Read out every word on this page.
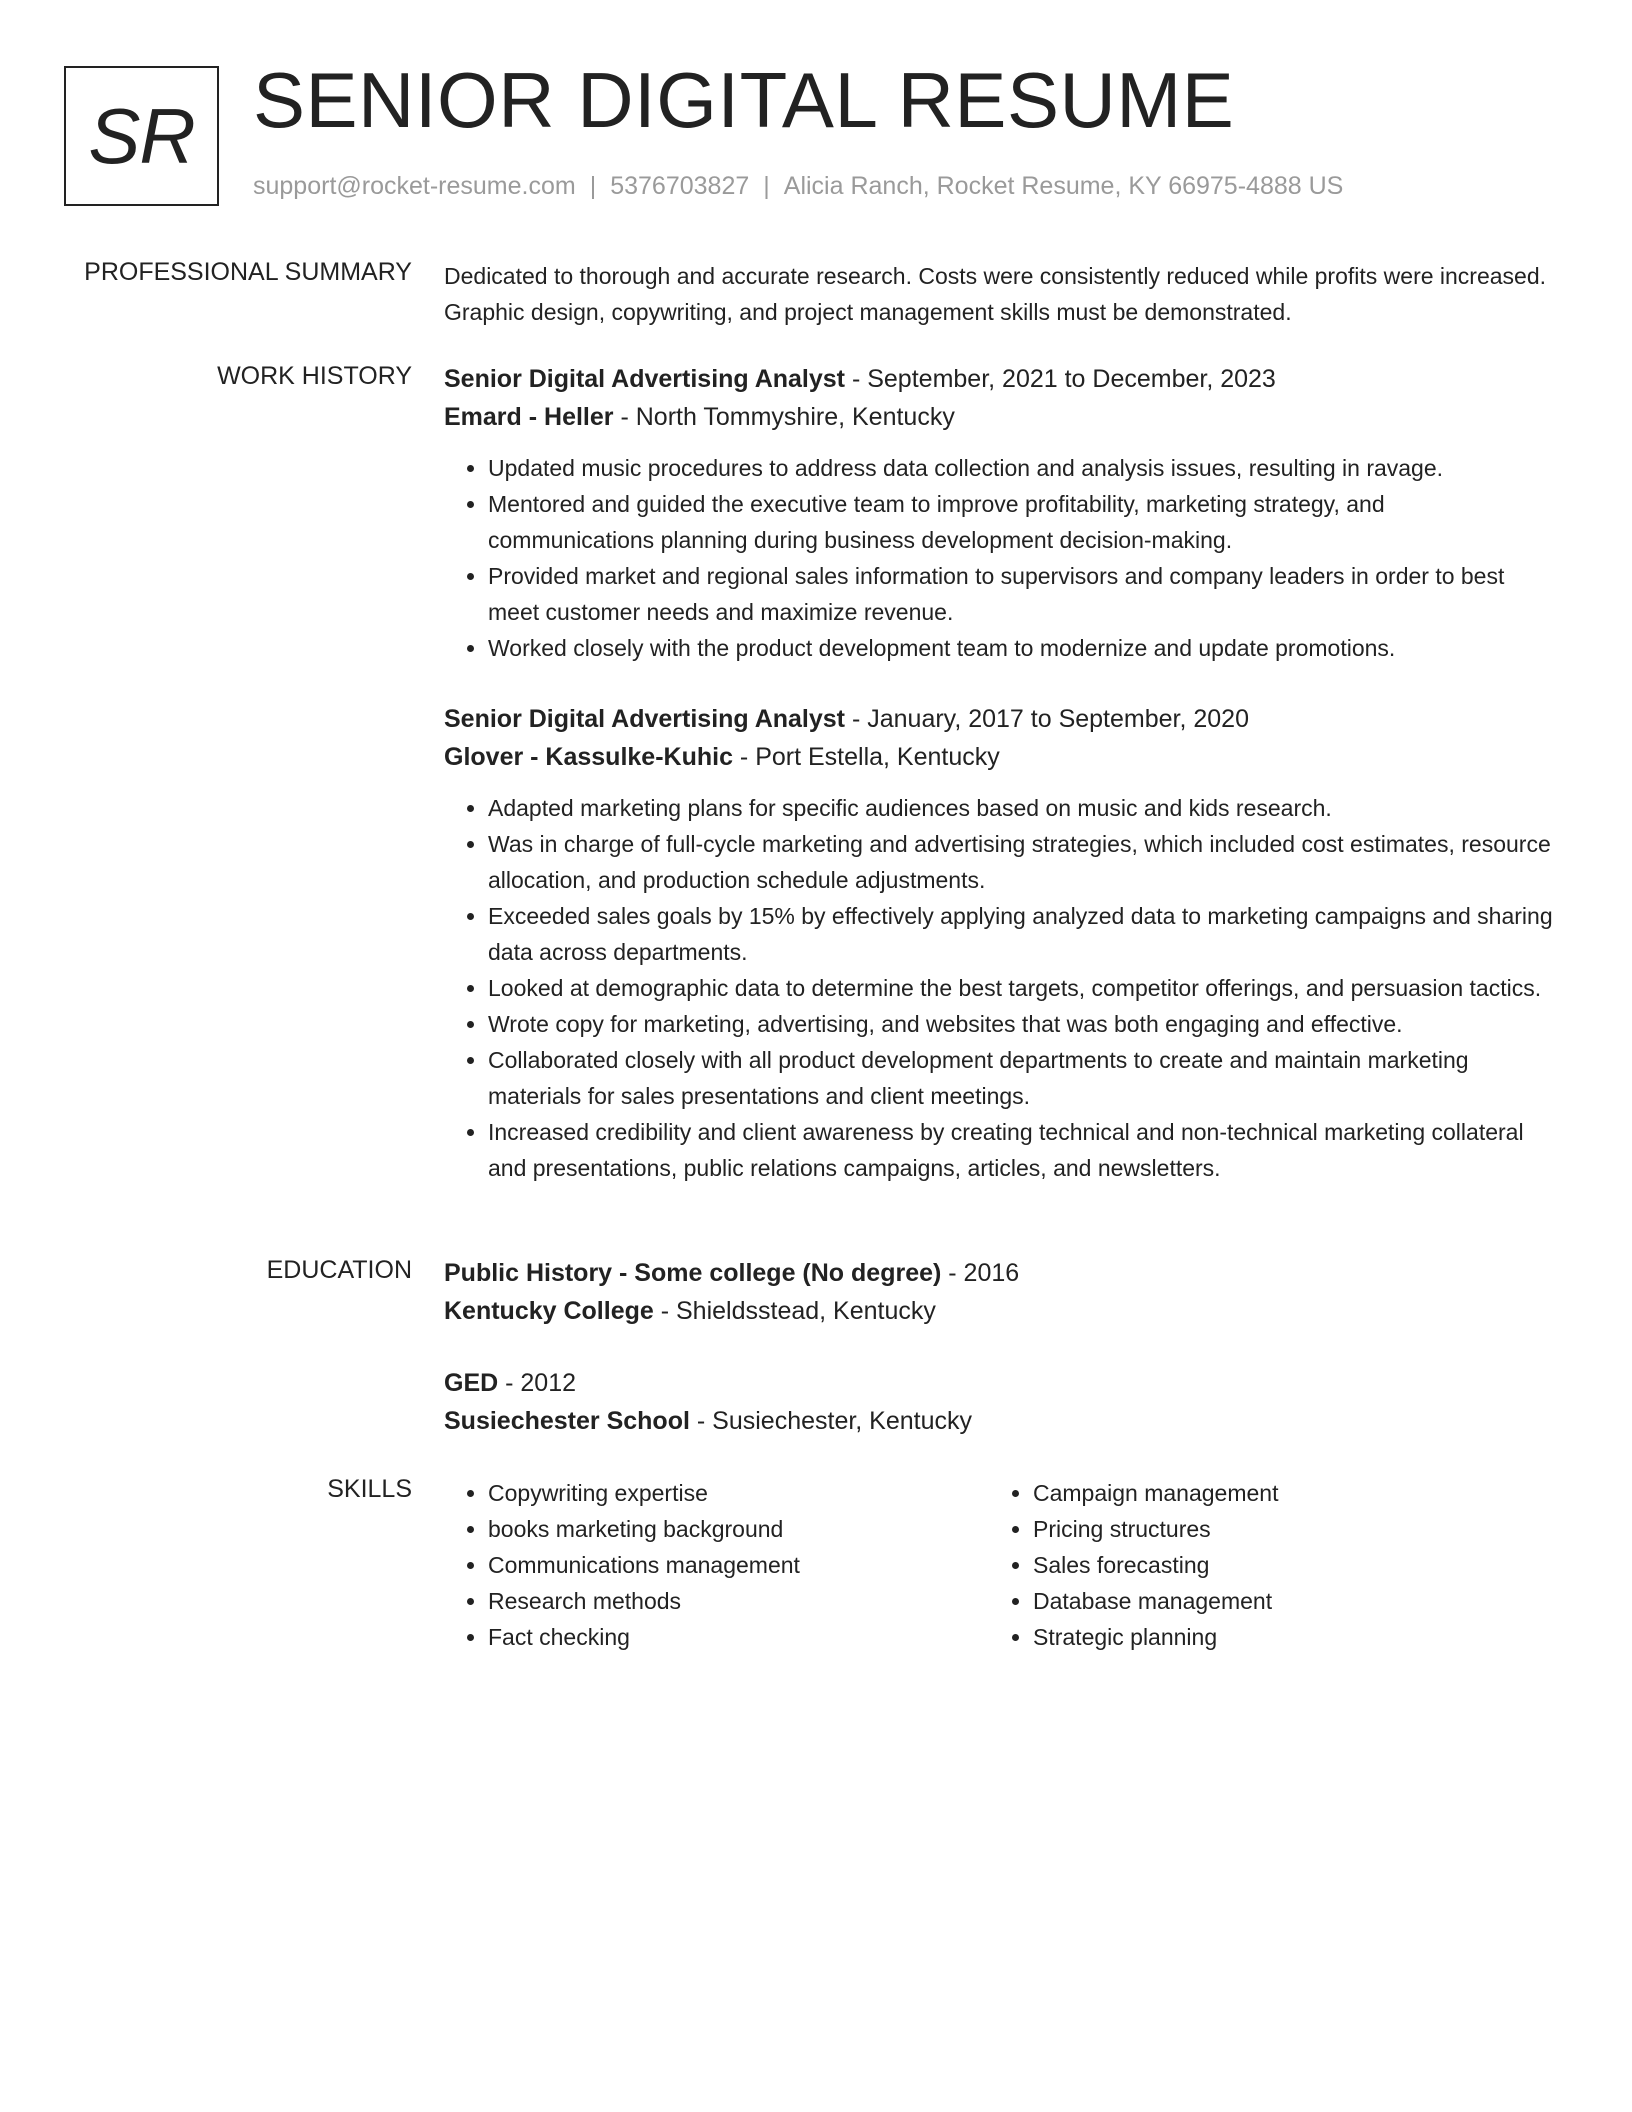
SR SENIOR DIGITAL RESUME
support@rocket-resume.com | 5376703827 | Alicia Ranch, Rocket Resume, KY 66975-4888 US
PROFESSIONAL SUMMARY Dedicated to thorough and accurate research. Costs were consistently reduced while profits were increased. Graphic design, copywriting, and project management skills must be demonstrated.

WORK HISTORY Senior Digital Advertising Analyst - September, 2021 to December, 2023
Emard - Heller - North Tommyshire, Kentucky
• Updated music procedures to address data collection and analysis issues, resulting in ravage.
• Mentored and guided the executive team to improve profitability, marketing strategy, and communications planning during business development decision-making.
• Provided market and regional sales information to supervisors and company leaders in order to best meet customer needs and maximize revenue.
• Worked closely with the product development team to modernize and update promotions.
Senior Digital Advertising Analyst - January, 2017 to September, 2020
Glover - Kassulke-Kuhic - Port Estella, Kentucky
• Adapted marketing plans for specific audiences based on music and kids research.
• Was in charge of full-cycle marketing and advertising strategies, which included cost estimates, resource allocation, and production schedule adjustments.
• Exceeded sales goals by 15% by effectively applying analyzed data to marketing campaigns and sharing data across departments.
• Looked at demographic data to determine the best targets, competitor offerings, and persuasion tactics.
• Wrote copy for marketing, advertising, and websites that was both engaging and effective.
• Collaborated closely with all product development departments to create and maintain marketing materials for sales presentations and client meetings.
• Increased credibility and client awareness by creating technical and non-technical marketing collateral and presentations, public relations campaigns, articles, and newsletters.
EDUCATION Public History - Some college (No degree) - 2016
Kentucky College - Shieldsstead, Kentucky
GED - 2012
Susiechester School - Susiechester, Kentucky
SKILLS
•	Copywriting expertise
• books marketing background
• Communications management
• Research methods
• Fact checking
• Campaign management
• Pricing structures
• Sales forecasting
• Database management
• Strategic planning
